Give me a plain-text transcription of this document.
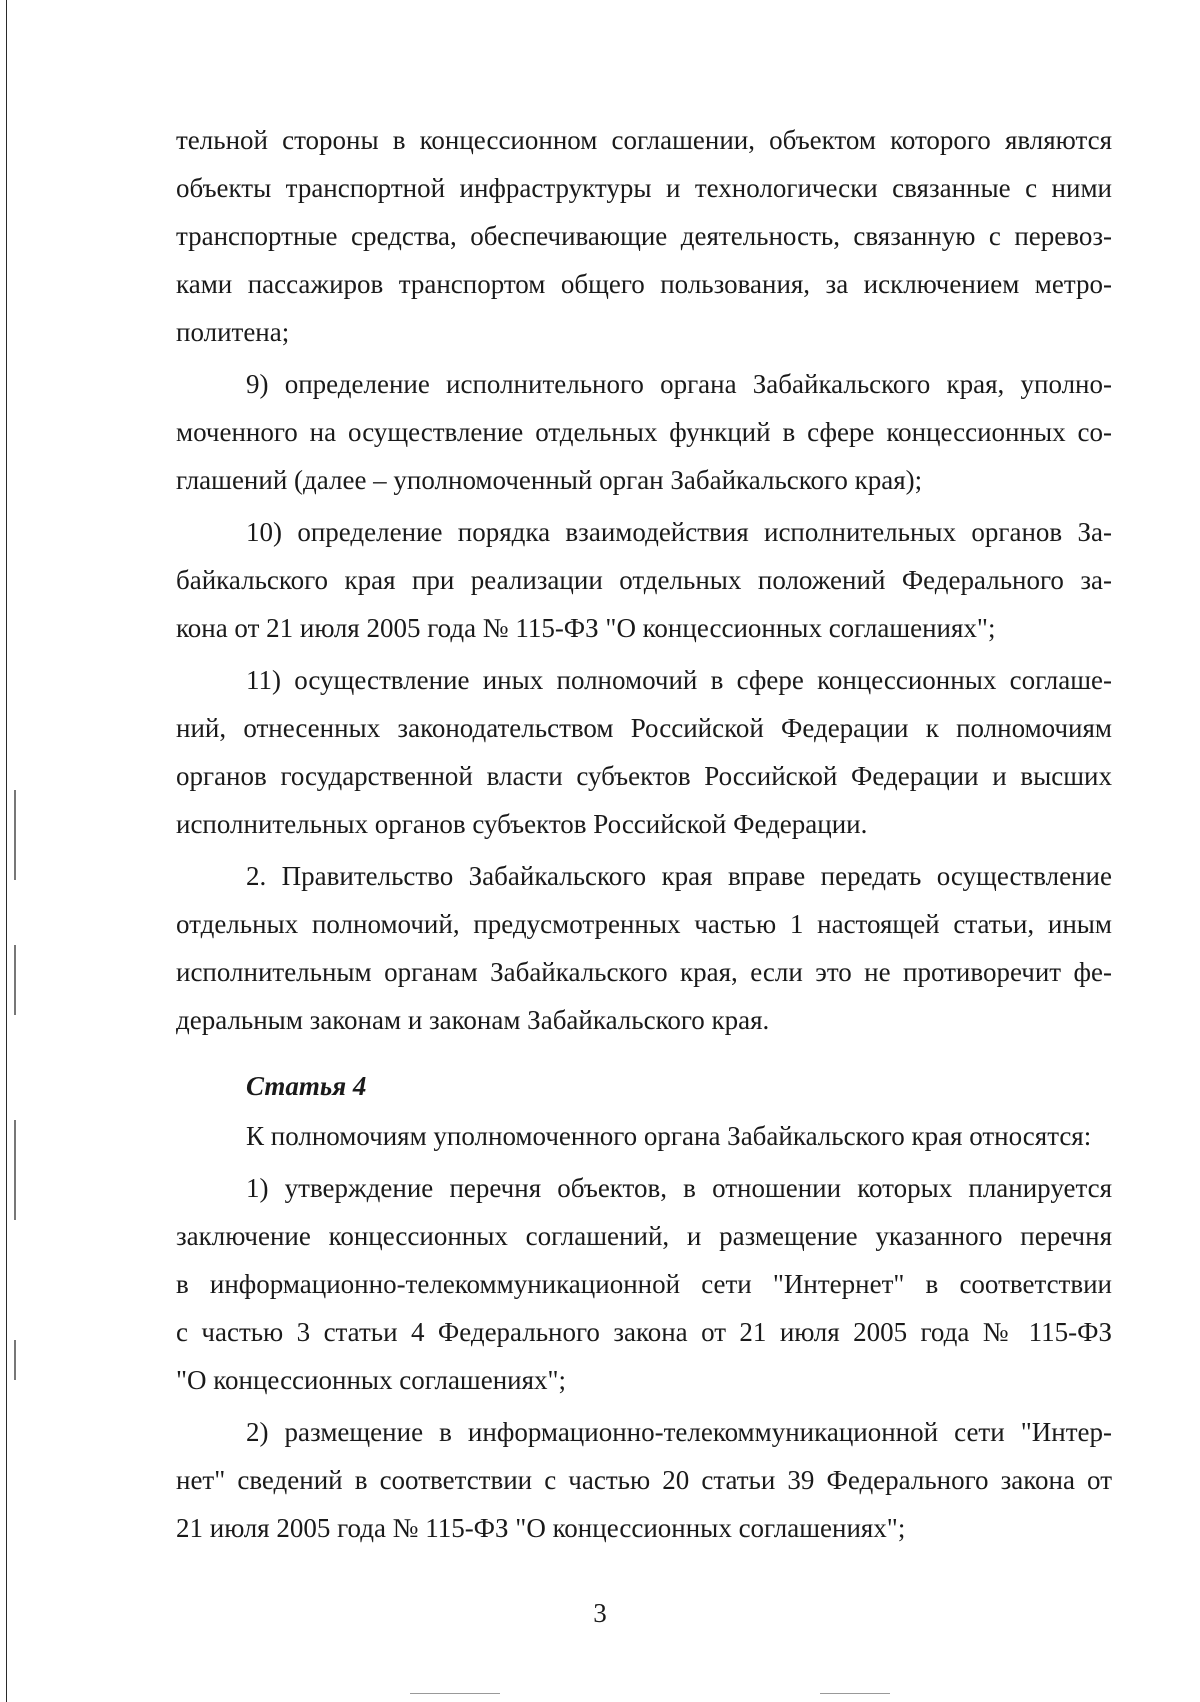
тельной стороны в концессионном соглашении, объектом которого являются
объекты транспортной инфраструктуры и технологически связанные с ними
транспортные средства, обеспечивающие деятельность, связанную с перевоз-
ками пассажиров транспортом общего пользования, за исключением метро-
политена;
9) определение исполнительного органа Забайкальского края, уполно-
моченного на осуществление отдельных функций в сфере концессионных со-
глашений (далее – уполномоченный орган Забайкальского края);
10) определение порядка взаимодействия исполнительных органов За-
байкальского края при реализации отдельных положений Федерального за-
кона от 21 июля 2005 года № 115-ФЗ "О концессионных соглашениях";
11) осуществление иных полномочий в сфере концессионных соглаше-
ний, отнесенных законодательством Российской Федерации к полномочиям
органов государственной власти субъектов Российской Федерации и высших
исполнительных органов субъектов Российской Федерации.
2. Правительство Забайкальского края вправе передать осуществление
отдельных полномочий, предусмотренных частью 1 настоящей статьи, иным
исполнительным органам Забайкальского края, если это не противоречит фе-
деральным законам и законам Забайкальского края.
Статья 4
К полномочиям уполномоченного органа Забайкальского края относятся:
1) утверждение перечня объектов, в отношении которых планируется
заключение концессионных соглашений, и размещение указанного перечня
в информационно-телекоммуникационной сети "Интернет" в соответствии
с частью 3 статьи 4 Федерального закона от 21 июля 2005 года № 115-ФЗ
"О концессионных соглашениях";
2) размещение в информационно-телекоммуникационной сети "Интер-
нет" сведений в соответствии с частью 20 статьи 39 Федерального закона от
21 июля 2005 года № 115-ФЗ "О концессионных соглашениях";
3
